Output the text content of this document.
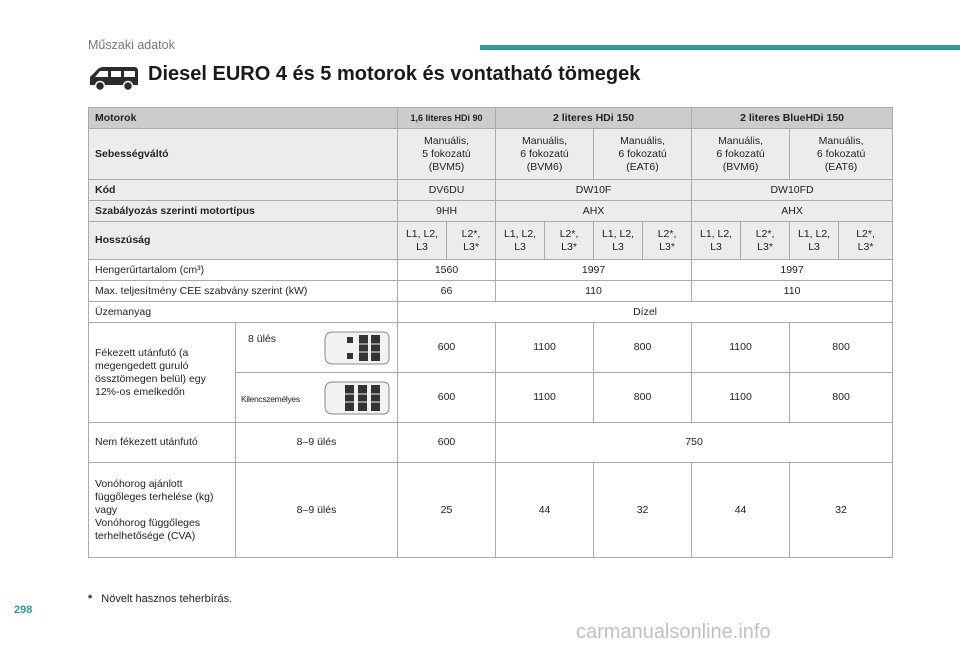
Műszaki adatok
Diesel EURO 4 és 5 motorok és vontatható tömegek
Motorok		1,6 literes HDi 90		2 literes HDi 150				2 literes BlueHDi 150			
Sebességváltó		Manuális,
5 fokozatú
(BVM5)		Manuális,
6 fokozatú
(BVM6)		Manuális,
6 fokozatú
(EAT6)		Manuális,
6 fokozatú
(BVM6)		Manuális,
6 fokozatú
(EAT6)	
Kód		DV6DU		DW10F				DW10FD			
Szabályozás szerinti motortípus		9HH		AHX				AHX			
Hosszúság		L1, L2,
L3	L2*,
L3*	L1, L2,
L3	L2*,
L3*	L1, L2,
L3	L2*,
L3*	L1, L2,
L3	L2*,
L3*	L1, L2,
L3	L2*,
L3*
Hengerűrtartalom (cm³)		1560		1997				1997			
Max. teljesítmény CEE szabvány szerint (kW)		66		110				110			
Üzemanyag		Dízel									
Fékezett utánfutó (a megengedett guruló össztömegen belül) egy 12%-os emelkedőn	8 ülés	600		1100		800		1100		800	

	Kilencszemélyes	600		1100		800		1100		800	
Nem fékezett utánfutó	8–9 ülés	600		750							
Vonóhorog ajánlott
függőleges terhelése (kg)
vagy
Vonóhorog függőleges
terhelhetősége (CVA)	8–9 ülés	25		44		32		44		32	
* Növelt hasznos teherbírás.
298
carmanualsonline.info
